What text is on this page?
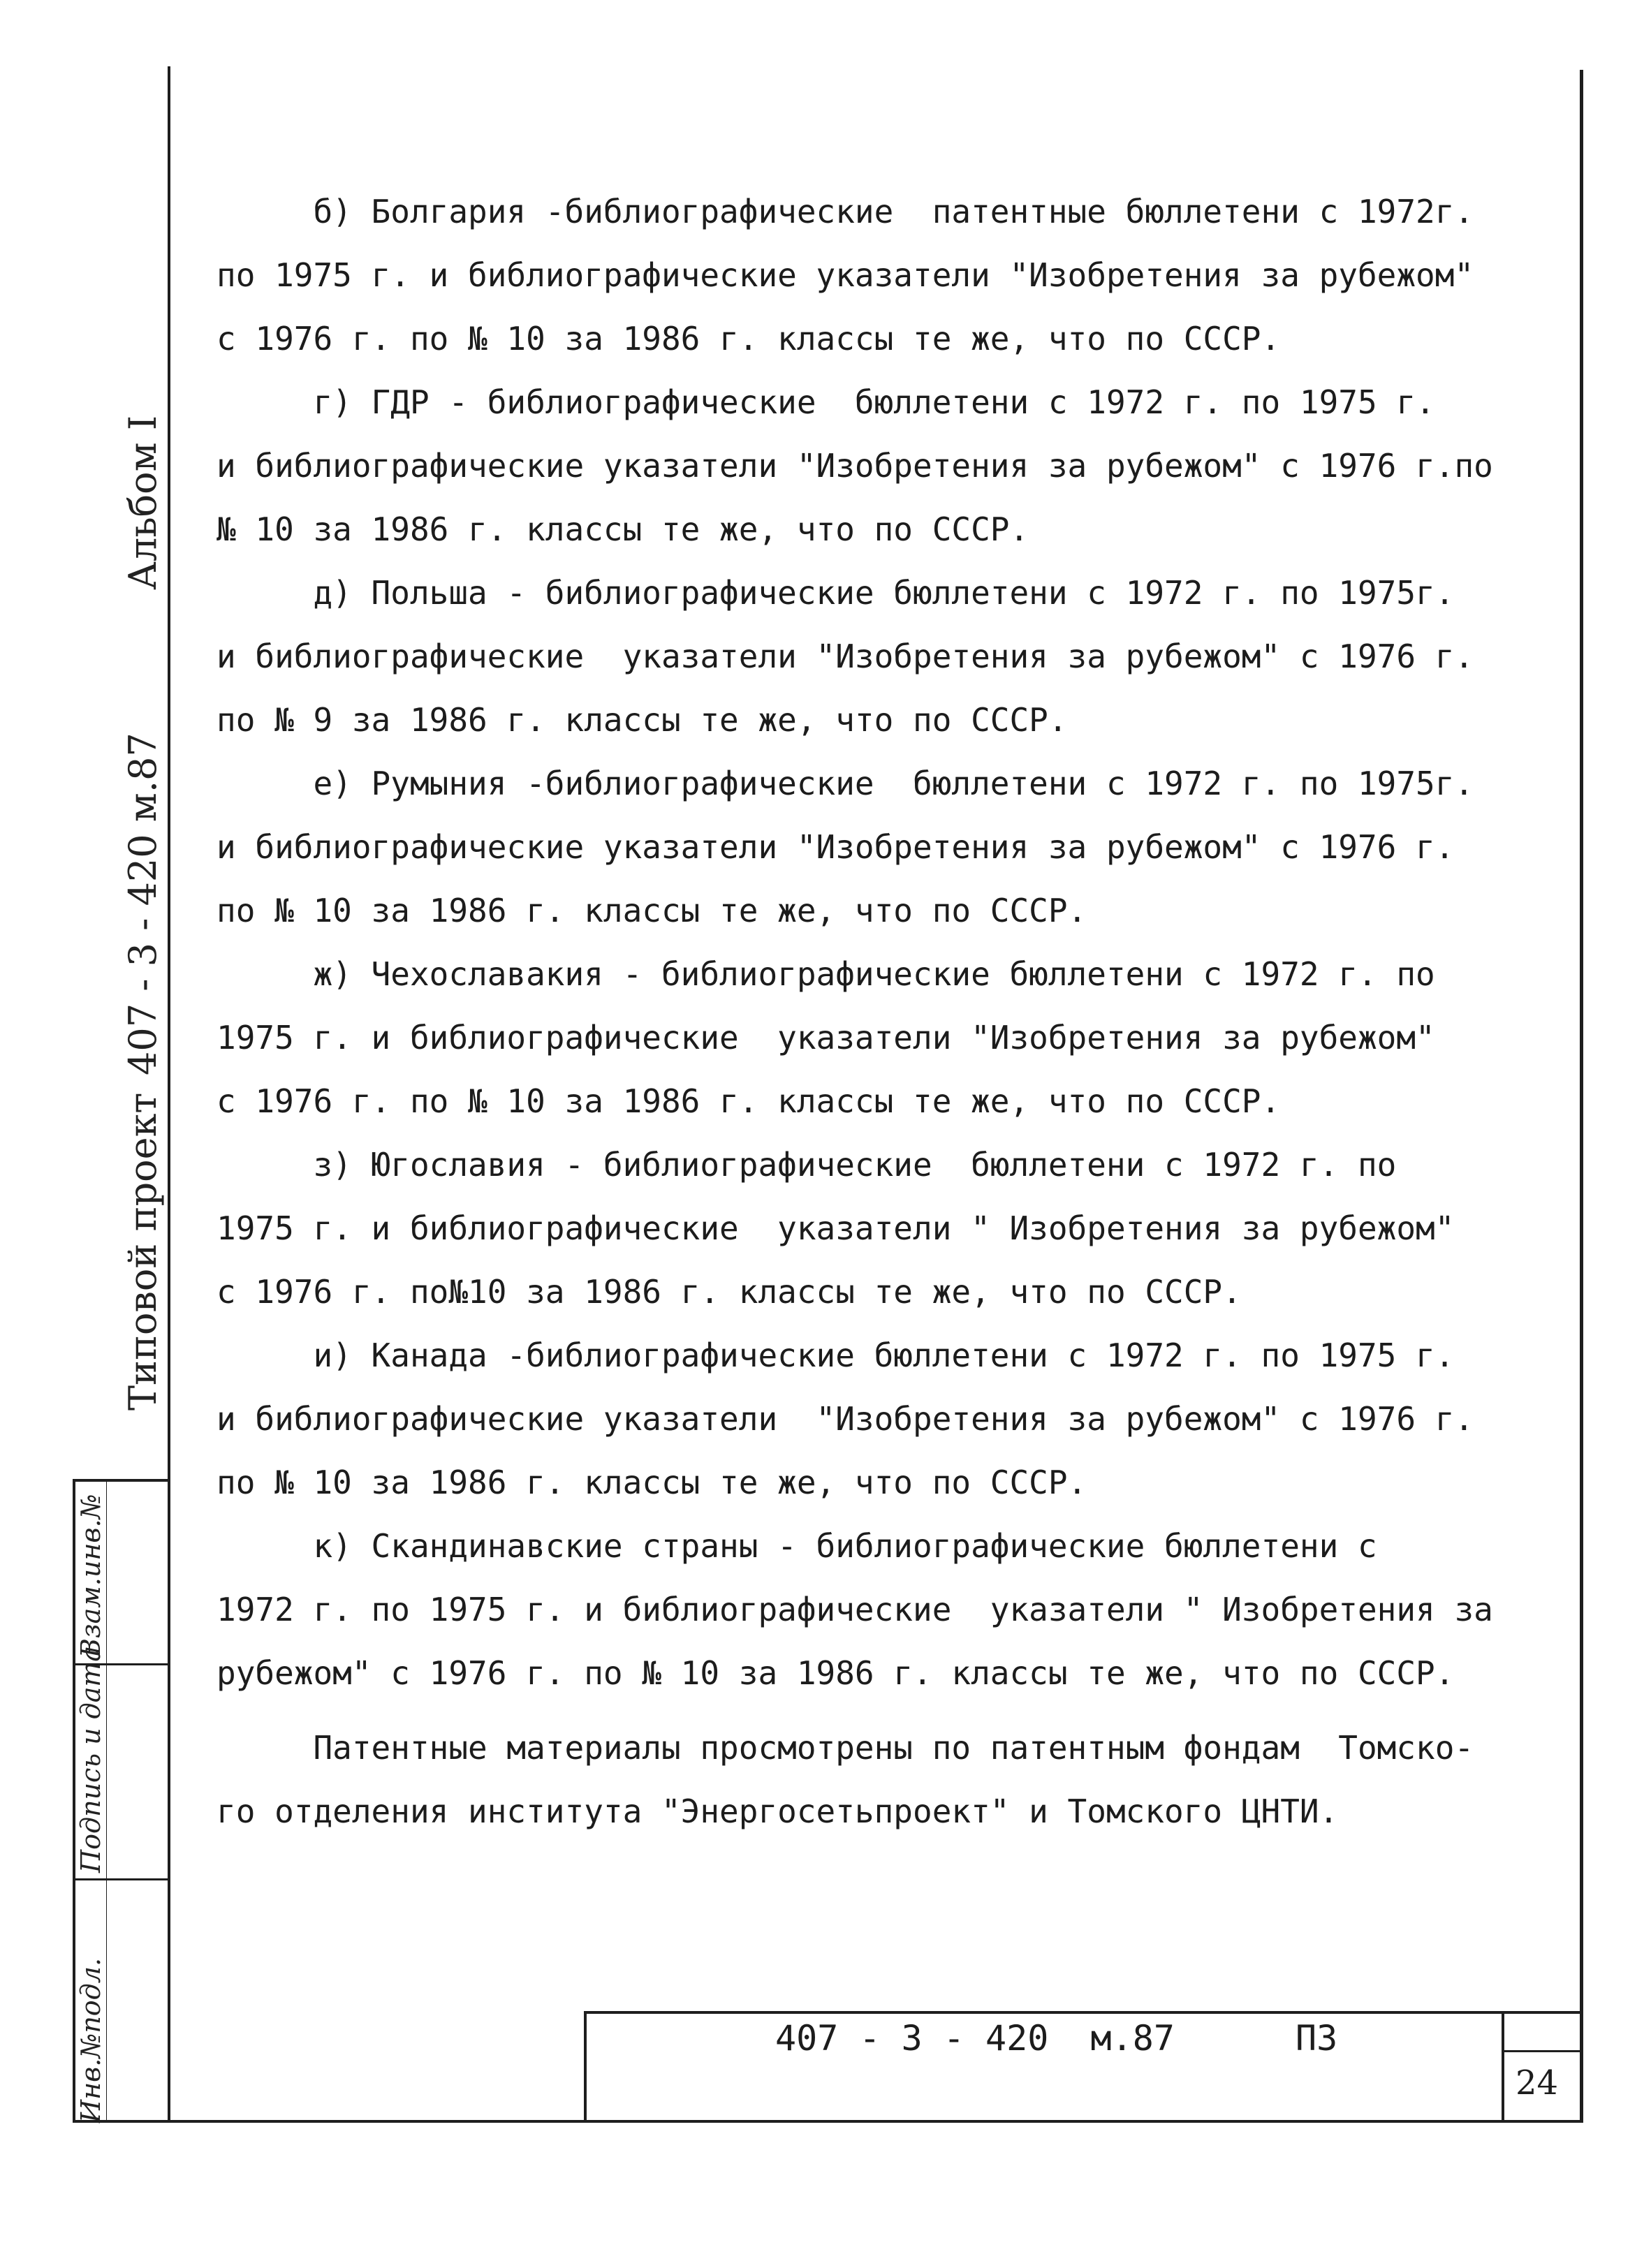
Типовой проект
407 - 3 - 420 м.87
Альбом I
Инв.№подл.
Подпись и дата
Взам.инв.№
б) Болгария -библиографические  патентные бюллетени с 1972г.
по 1975 г. и библиографические указатели "Изобретения за рубежом"
с 1976 г. по № 10 за 1986 г. классы те же, что по СССР.
г) ГДР - библиографические  бюллетени с 1972 г. по 1975 г.
и библиографические указатели "Изобретения за рубежом" с 1976 г.по
№ 10 за 1986 г. классы те же, что по СССР.
д) Польша - библиографические бюллетени с 1972 г. по 1975г.
и библиографические  указатели "Изобретения за рубежом" с 1976 г.
по № 9 за 1986 г. классы те же, что по СССР.
е) Румыния -библиографические  бюллетени с 1972 г. по 1975г.
и библиографические указатели "Изобретения за рубежом" с 1976 г.
по № 10 за 1986 г. классы те же, что по СССР.
ж) Чехославакия - библиографические бюллетени с 1972 г. по
1975 г. и библиографические  указатели "Изобретения за рубежом"
с 1976 г. по № 10 за 1986 г. классы те же, что по СССР.
з) Югославия - библиографические  бюллетени с 1972 г. по
1975 г. и библиографические  указатели " Изобретения за рубежом"
с 1976 г. по№10 за 1986 г. классы те же, что по СССР.
и) Канада -библиографические бюллетени с 1972 г. по 1975 г.
и библиографические указатели  "Изобретения за рубежом" с 1976 г.
по № 10 за 1986 г. классы те же, что по СССР.
к) Скандинавские страны - библиографические бюллетени с
1972 г. по 1975 г. и библиографические  указатели " Изобретения за
рубежом" с 1976 г. по № 10 за 1986 г. классы те же, что по СССР.
Патентные материалы просмотрены по патентным фондам  Томско-
го отделения института "Энергосетьпроект" и Томского ЦНТИ.
407 - 3 - 420  м.87	ПЗ
24
